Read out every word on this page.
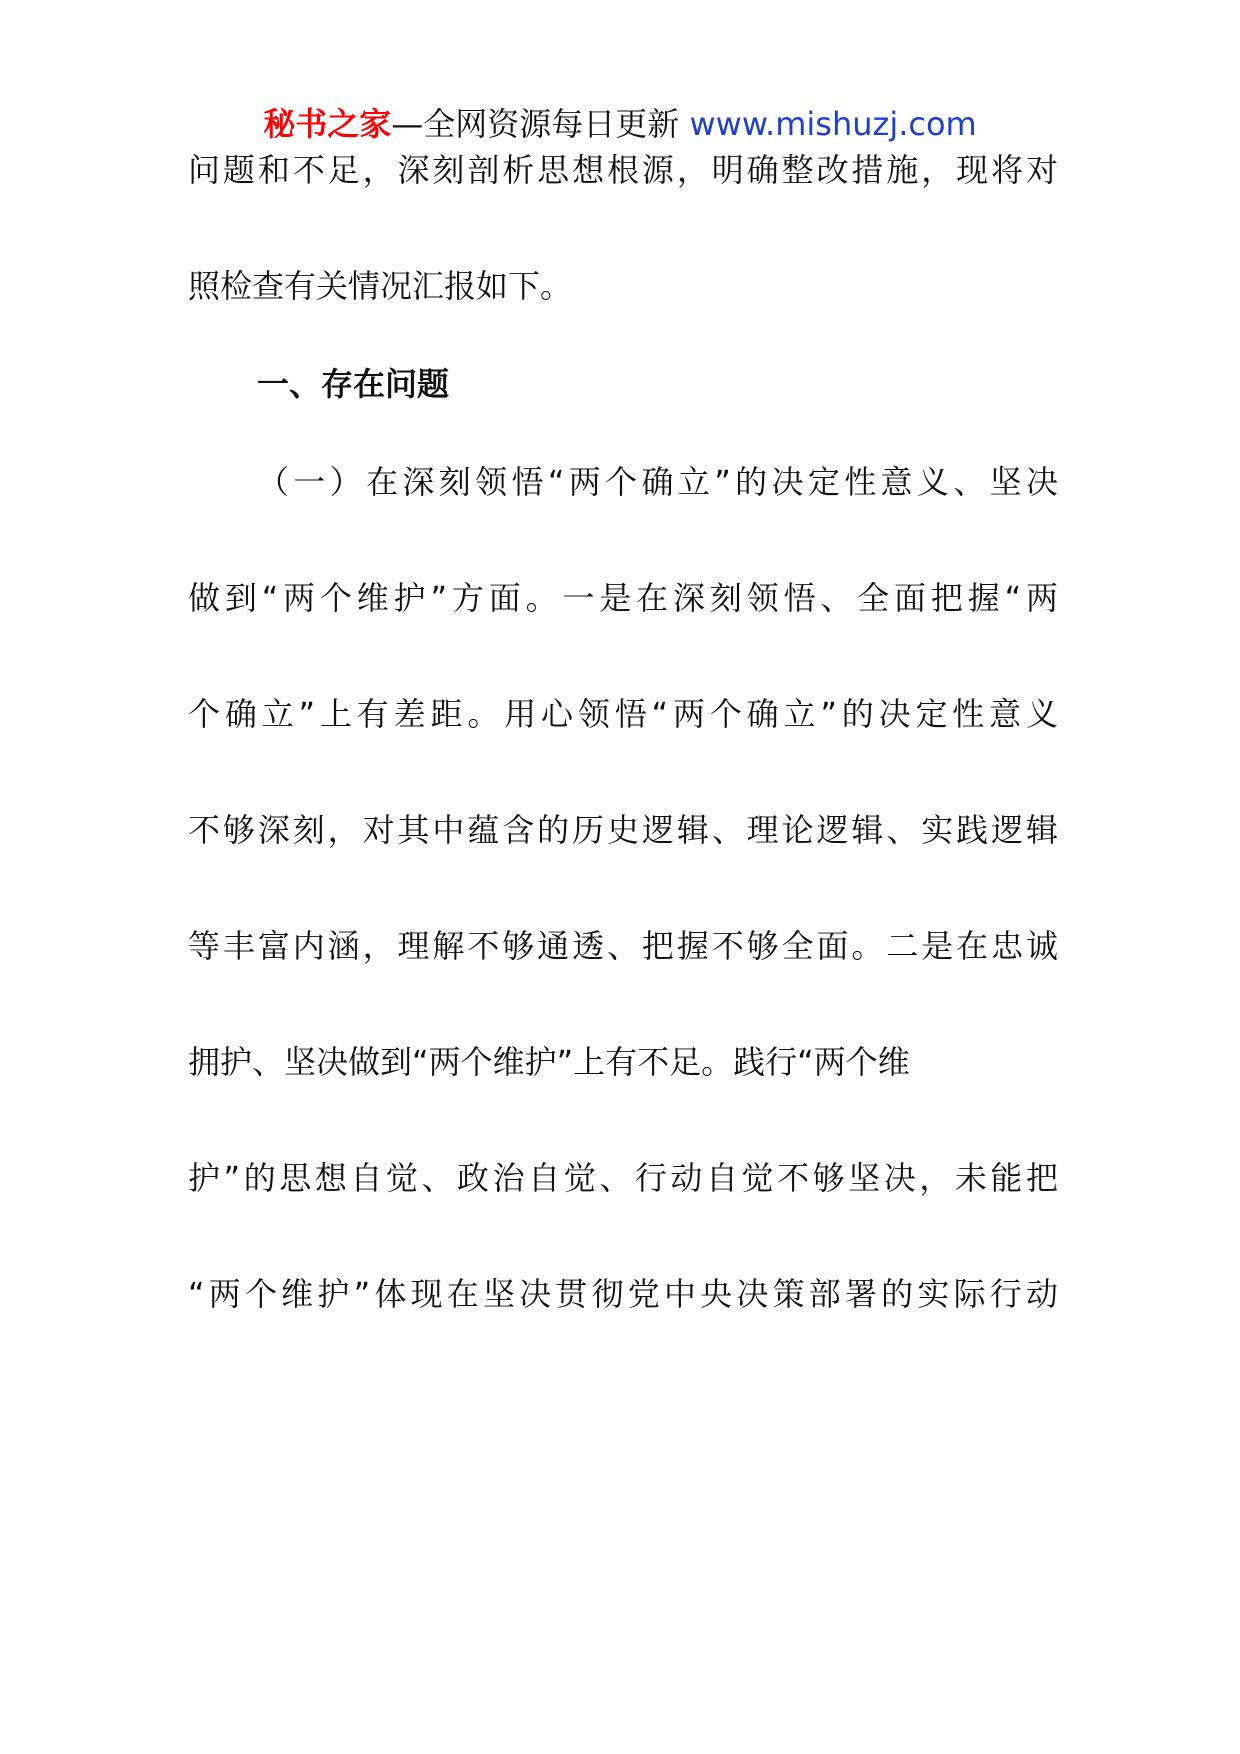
秘书之家—全网资源每日更新 www.mishuzj.com
问题和不足，深刻剖析思想根源，明确整改措施，现将对
照检查有关情况汇报如下。
一、存在问题
（一）在深刻领悟“两个确立”的决定性意义、坚决
做到“两个维护”方面。一是在深刻领悟、全面把握“两
个确立”上有差距。用心领悟“两个确立”的决定性意义
不够深刻，对其中蕴含的历史逻辑、理论逻辑、实践逻辑
等丰富内涵，理解不够通透、把握不够全面。二是在忠诚
拥护、坚决做到“两个维护”上有不足。践行“两个维
护”的思想自觉、政治自觉、行动自觉不够坚决，未能把
“两个维护”体现在坚决贯彻党中央决策部署的实际行动
